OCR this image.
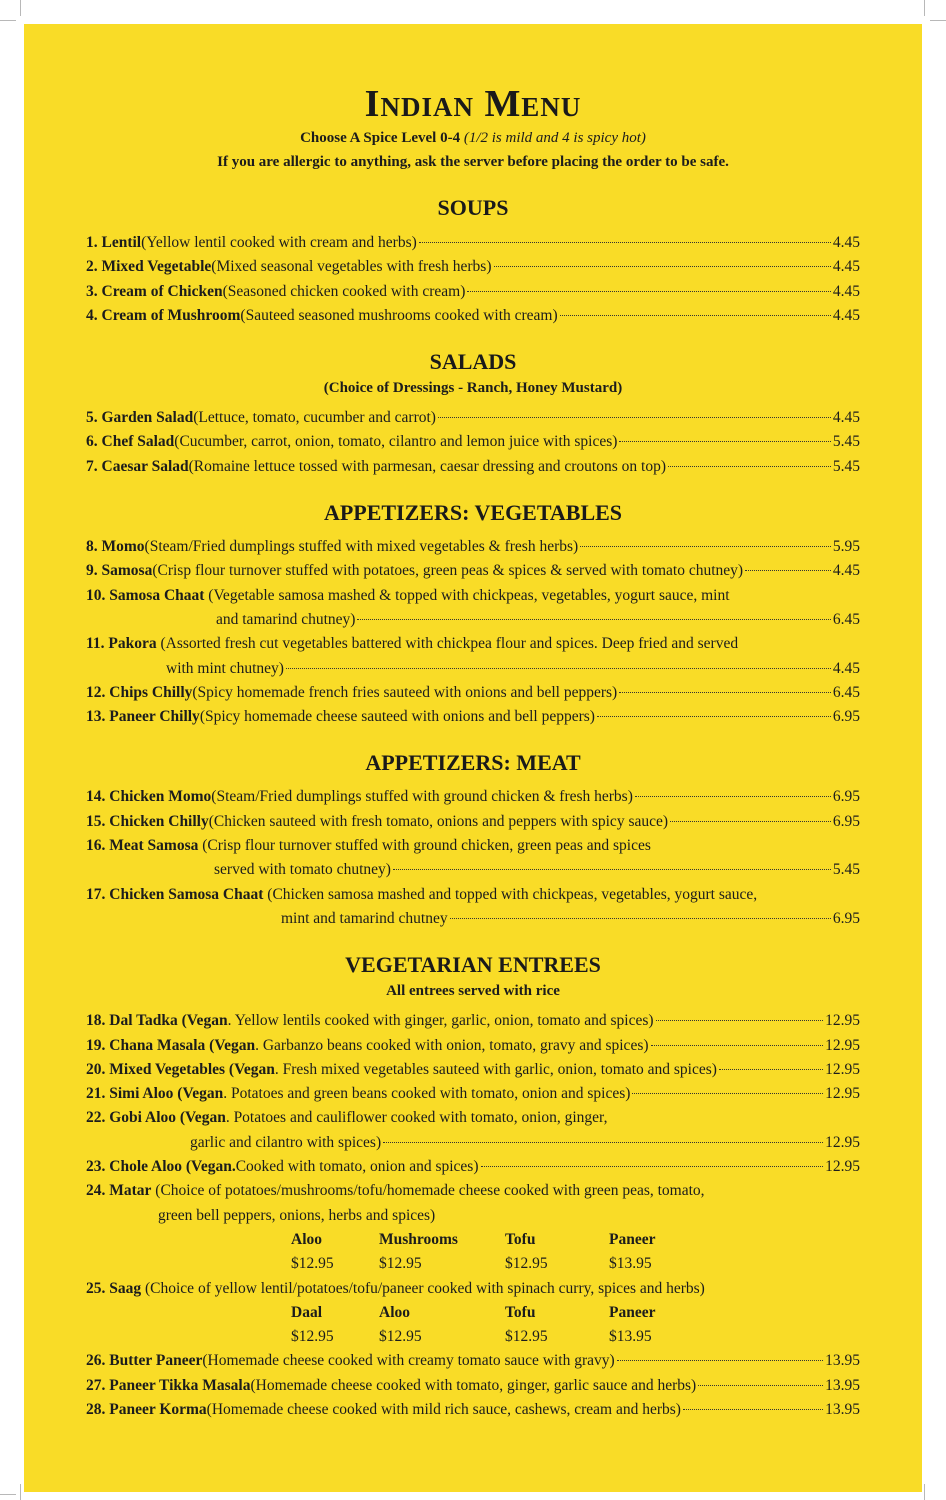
Indian Menu
Choose A Spice Level 0-4 (1/2 is mild and 4 is spicy hot)
If you are allergic to anything, ask the server before placing the order to be safe.
SOUPS
1. Lentil (Yellow lentil cooked with cream and herbs)	4.45
2. Mixed Vegetable (Mixed seasonal vegetables with fresh herbs)	4.45
3. Cream of Chicken (Seasoned chicken cooked with cream)	4.45
4. Cream of Mushroom (Sauteed seasoned mushrooms cooked with cream)	4.45
SALADS
(Choice of Dressings - Ranch, Honey Mustard)
5. Garden Salad (Lettuce, tomato, cucumber and carrot)	4.45
6. Chef Salad (Cucumber, carrot, onion, tomato, cilantro and lemon juice with spices)	5.45
7. Caesar Salad (Romaine lettuce tossed with parmesan, caesar dressing and croutons on top)	5.45
APPETIZERS: VEGETABLES
8. Momo (Steam/Fried dumplings stuffed with mixed vegetables & fresh herbs)	5.95
9. Samosa (Crisp flour turnover stuffed with potatoes, green peas & spices & served with tomato chutney)	4.45
10. Samosa Chaat (Vegetable samosa mashed & topped with chickpeas, vegetables, yogurt sauce, mint
and tamarind chutney)	6.45
11. Pakora (Assorted fresh cut vegetables battered with chickpea flour and spices. Deep fried and served
with mint chutney)	4.45
12. Chips Chilly (Spicy homemade french fries sauteed with onions and bell peppers)	6.45
13. Paneer Chilly (Spicy homemade cheese sauteed with onions and bell peppers)	6.95
APPETIZERS: MEAT
14. Chicken Momo (Steam/Fried dumplings stuffed with ground chicken & fresh herbs)	6.95
15. Chicken Chilly (Chicken sauteed with fresh tomato, onions and peppers with spicy sauce)	6.95
16. Meat Samosa (Crisp flour turnover stuffed with ground chicken, green peas and spices
served with tomato chutney)	5.45
17. Chicken Samosa Chaat (Chicken samosa mashed and topped with chickpeas, vegetables, yogurt sauce,
mint and tamarind chutney	6.95
VEGETARIAN ENTREES
All entrees served with rice
18. Dal Tadka (Vegan . Yellow lentils cooked with ginger, garlic, onion, tomato and spices)	12.95
19. Chana Masala (Vegan . Garbanzo beans cooked with onion, tomato, gravy and spices)	12.95
20. Mixed Vegetables (Vegan . Fresh mixed vegetables sauteed with garlic, onion, tomato and spices)	12.95
21. Simi Aloo (Vegan . Potatoes and green beans cooked with tomato, onion and spices)	12.95
22. Gobi Aloo (Vegan. Potatoes and cauliflower cooked with tomato, onion, ginger,
garlic and cilantro with spices)	12.95
23. Chole Aloo (Vegan. Cooked with tomato, onion and spices)	12.95
24. Matar (Choice of potatoes/mushrooms/tofu/homemade cheese cooked with green peas, tomato,
green bell peppers, onions, herbs and spices)
Aloo	Mushrooms	Tofu	Paneer
$12.95	$12.95	$12.95	$13.95
25. Saag (Choice of yellow lentil/potatoes/tofu/paneer cooked with spinach curry, spices and herbs)
Daal	Aloo	Tofu	Paneer
$12.95	$12.95	$12.95	$13.95
26. Butter Paneer (Homemade cheese cooked with creamy tomato sauce with gravy)	13.95
27. Paneer Tikka Masala (Homemade cheese cooked with tomato, ginger, garlic sauce and herbs)	13.95
28. Paneer Korma (Homemade cheese cooked with mild rich sauce, cashews, cream and herbs)	13.95
